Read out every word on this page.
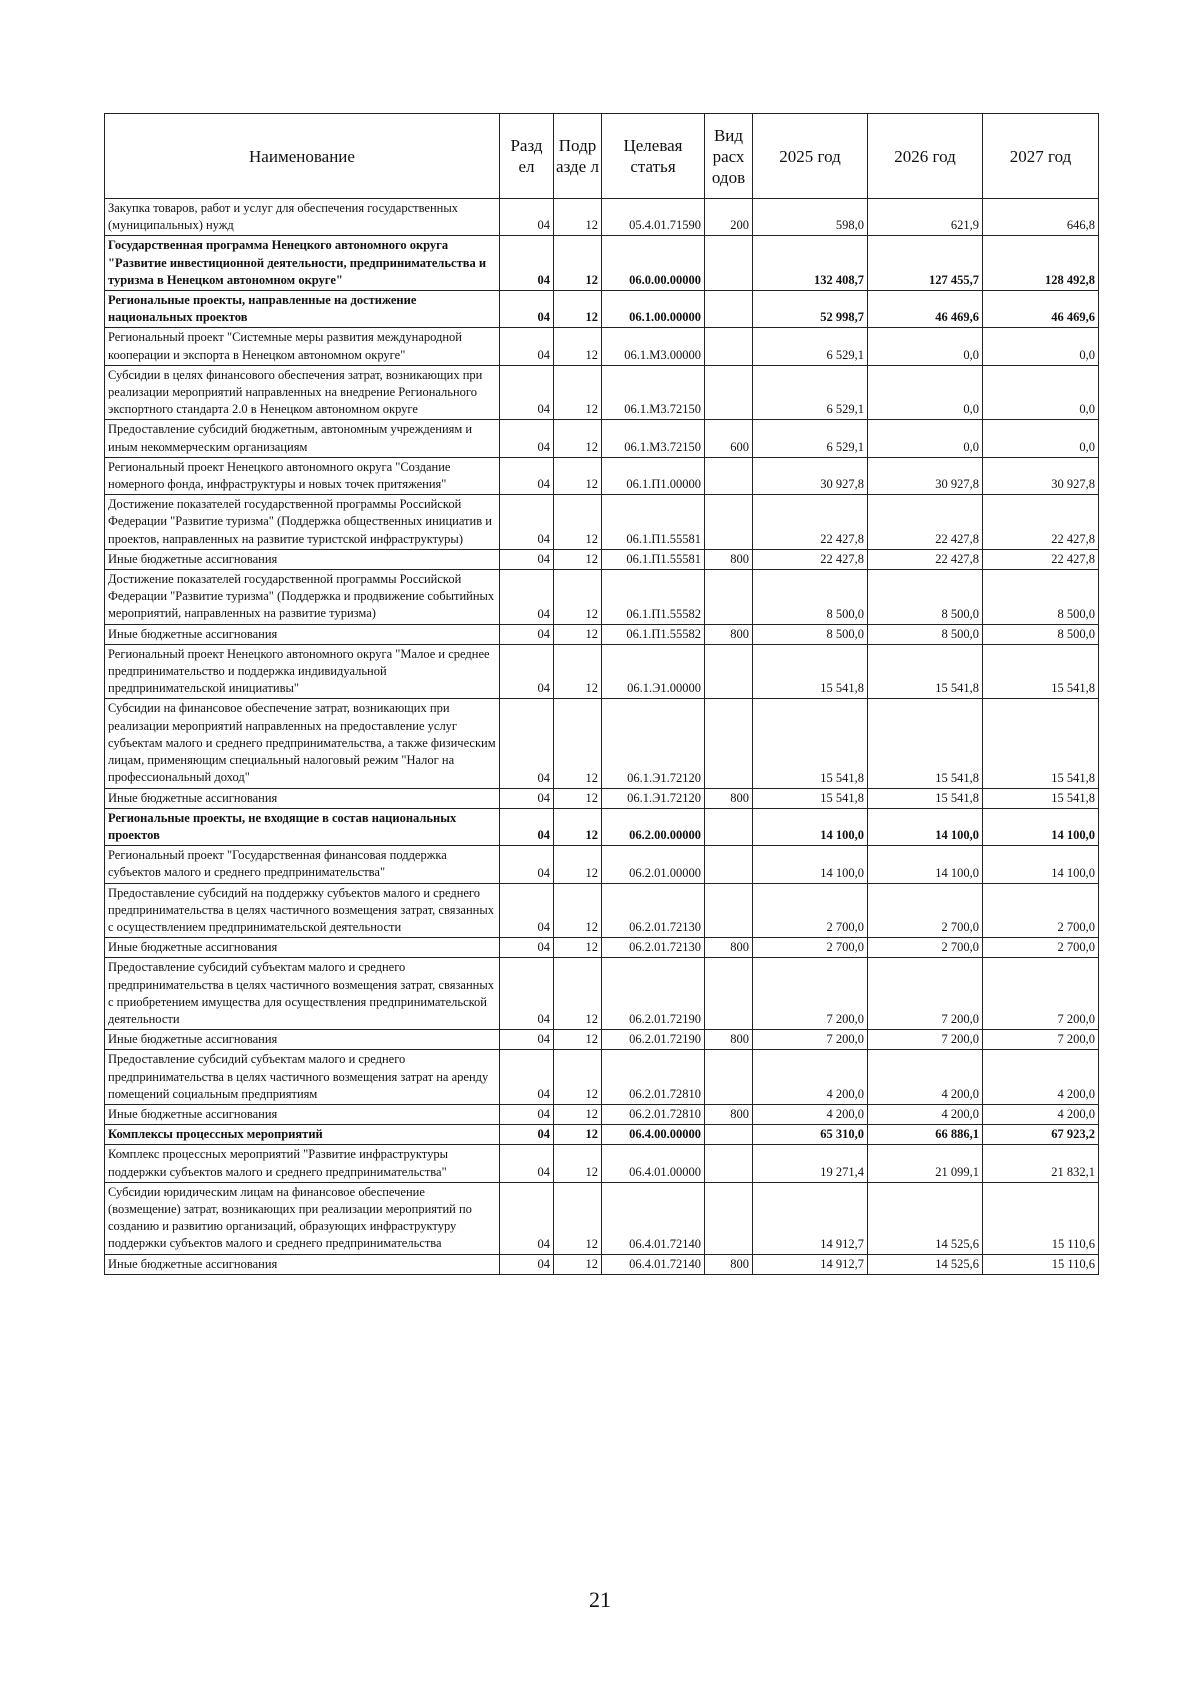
Наименование	Разд ел	Подр азде л	Целевая статья	Вид расх одов	2025 год	2026 год	2027 год
Закупка товаров, работ и услуг для обеспечения государственных (муниципальных) нужд	04	12	05.4.01.71590	200	598,0	621,9	646,8
Государственная программа Ненецкого автономного округа "Развитие инвестиционной деятельности, предпринимательства и туризма в Ненецком автономном округе"	04	12	06.0.00.00000		132 408,7	127 455,7	128 492,8
Региональные проекты, направленные на достижение национальных проектов	04	12	06.1.00.00000		52 998,7	46 469,6	46 469,6
Региональный проект "Системные меры развития международной кооперации и экспорта в Ненецком автономном округе"	04	12	06.1.М3.00000		6 529,1	0,0	0,0
Субсидии в целях финансового обеспечения затрат, возникающих при реализации мероприятий направленных на внедрение Регионального экспортного стандарта 2.0 в Ненецком автономном округе	04	12	06.1.М3.72150		6 529,1	0,0	0,0
Предоставление субсидий бюджетным, автономным учреждениям и иным некоммерческим организациям	04	12	06.1.М3.72150	600	6 529,1	0,0	0,0
Региональный проект Ненецкого автономного округа "Создание номерного фонда, инфраструктуры и новых точек притяжения"	04	12	06.1.П1.00000		30 927,8	30 927,8	30 927,8
Достижение показателей государственной программы Российской Федерации "Развитие туризма" (Поддержка общественных инициатив и проектов, направленных на развитие туристской инфраструктуры)	04	12	06.1.П1.55581		22 427,8	22 427,8	22 427,8
Иные бюджетные ассигнования	04	12	06.1.П1.55581	800	22 427,8	22 427,8	22 427,8
Достижение показателей государственной программы Российской Федерации "Развитие туризма" (Поддержка и продвижение событийных мероприятий, направленных на развитие туризма)	04	12	06.1.П1.55582		8 500,0	8 500,0	8 500,0
Иные бюджетные ассигнования	04	12	06.1.П1.55582	800	8 500,0	8 500,0	8 500,0
Региональный проект Ненецкого автономного округа "Малое и среднее предпринимательство и поддержка индивидуальной предпринимательской инициативы"	04	12	06.1.Э1.00000		15 541,8	15 541,8	15 541,8
Субсидии на финансовое обеспечение затрат, возникающих при реализации мероприятий направленных на предоставление услуг субъектам малого и среднего предпринимательства, а также физическим лицам, применяющим специальный налоговый режим "Налог на профессиональный доход"	04	12	06.1.Э1.72120		15 541,8	15 541,8	15 541,8
Иные бюджетные ассигнования	04	12	06.1.Э1.72120	800	15 541,8	15 541,8	15 541,8
Региональные проекты, не входящие в состав национальных проектов	04	12	06.2.00.00000		14 100,0	14 100,0	14 100,0
Региональный проект "Государственная финансовая поддержка субъектов малого и среднего предпринимательства"	04	12	06.2.01.00000		14 100,0	14 100,0	14 100,0
Предоставление субсидий на поддержку субъектов малого и среднего предпринимательства в целях частичного возмещения затрат, связанных с осуществлением предпринимательской деятельности	04	12	06.2.01.72130		2 700,0	2 700,0	2 700,0
Иные бюджетные ассигнования	04	12	06.2.01.72130	800	2 700,0	2 700,0	2 700,0
Предоставление субсидий субъектам малого и среднего предпринимательства в целях частичного возмещения затрат, связанных с приобретением имущества для осуществления предпринимательской деятельности	04	12	06.2.01.72190		7 200,0	7 200,0	7 200,0
Иные бюджетные ассигнования	04	12	06.2.01.72190	800	7 200,0	7 200,0	7 200,0
Предоставление субсидий субъектам малого и среднего предпринимательства в целях частичного возмещения затрат на аренду помещений социальным предприятиям	04	12	06.2.01.72810		4 200,0	4 200,0	4 200,0
Иные бюджетные ассигнования	04	12	06.2.01.72810	800	4 200,0	4 200,0	4 200,0
Комплексы процессных мероприятий	04	12	06.4.00.00000		65 310,0	66 886,1	67 923,2
Комплекс процессных мероприятий "Развитие инфраструктуры поддержки субъектов малого и среднего предпринимательства"	04	12	06.4.01.00000		19 271,4	21 099,1	21 832,1
Субсидии юридическим лицам на финансовое обеспечение (возмещение) затрат, возникающих при реализации мероприятий по созданию и развитию организаций, образующих инфраструктуру поддержки субъектов малого и среднего предпринимательства	04	12	06.4.01.72140		14 912,7	14 525,6	15 110,6
Иные бюджетные ассигнования	04	12	06.4.01.72140	800	14 912,7	14 525,6	15 110,6
21
